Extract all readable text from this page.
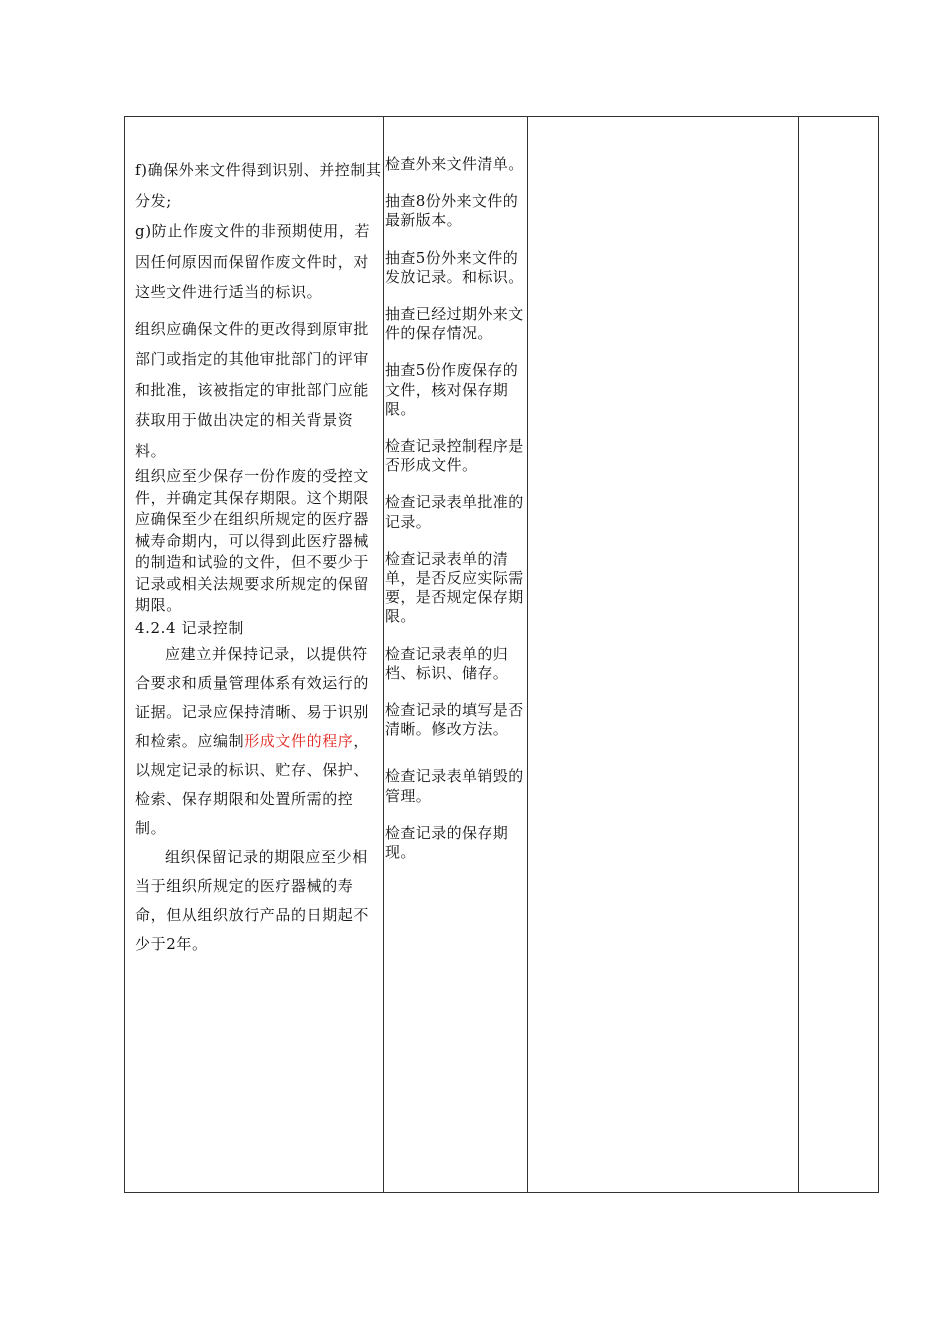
f)确保外来文件得到识别、并控制其分发;

g)防止作废文件的非预期使用，若因任何原因而保留作废文件时，对这些文件进行适当的标识。

组织应确保文件的更改得到原审批部门或指定的其他审批部门的评审和批准，该被指定的审批部门应能获取用于做出决定的相关背景资料。

组织应至少保存一份作废的受控文件，并确定其保存期限。这个期限应确保至少在组织所规定的医疗器械寿命期内，可以得到此医疗器械的制造和试验的文件，但不要少于记录或相关法规要求所规定的保留期限。

4.2.4 记录控制

应建立并保持记录，以提供符合要求和质量管理体系有效运行的证据。记录应保持清晰、易于识别和检索。应编制形成文件的程序，以规定记录的标识、贮存、保护、检索、保存期限和处置所需的控制。

组织保留记录的期限应至少相当于组织所规定的医疗器械的寿命，但从组织放行产品的日期起不少于2年。

检查外来文件清单。

抽查8份外来文件的最新版本。

抽查5份外来文件的发放记录。和标识。

抽查已经过期外来文件的保存情况。

抽查5份作废保存的文件，核对保存期限。

检查记录控制程序是否形成文件。

检查记录表单批准的记录。

检查记录表单的清单，是否反应实际需要，是否规定保存期限。

检查记录表单的归档、标识、储存。

检查记录的填写是否清晰。修改方法。

检查记录表单销毁的管理。

检查记录的保存期现。
